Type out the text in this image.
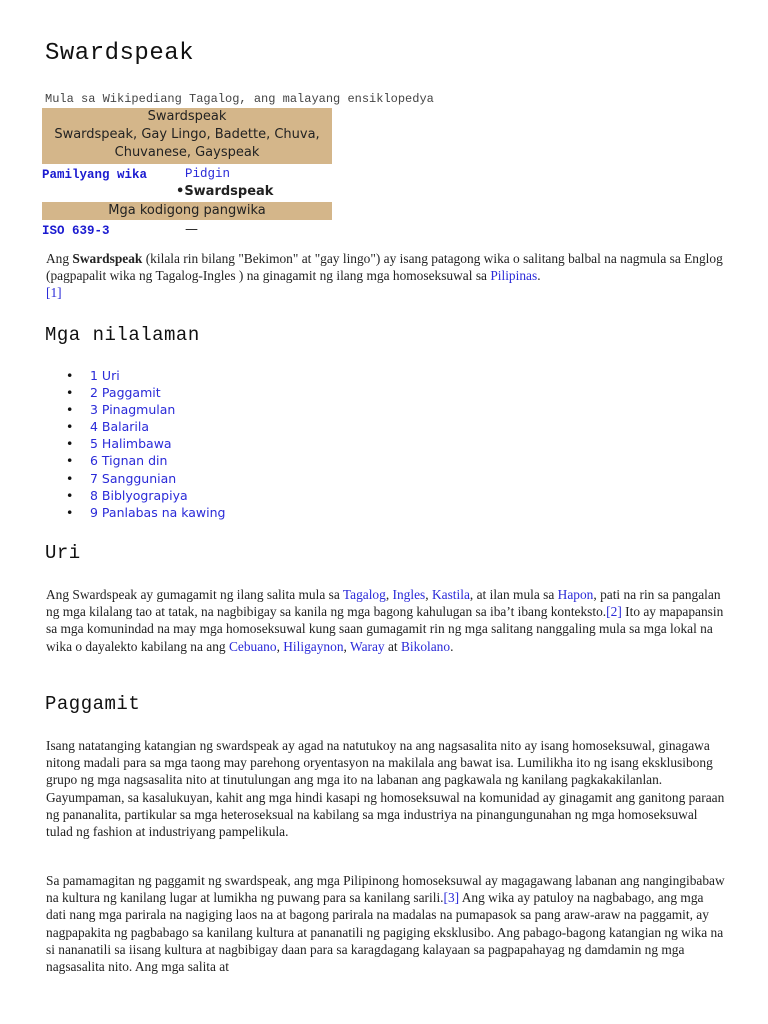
Swardspeak
Mula sa Wikipediang Tagalog, ang malayang ensiklopedya
Swardspeak
Swardspeak, Gay Lingo, Badette, Chuva, Chuvanese, Gayspeak
Pamilyang wika	Pidgin
•Swardspeak
Mga kodigong pangwika
ISO 639-3	—

Ang Swardspeak (kilala rin bilang "Bekimon" at "gay lingo") ay isang patagong wika o salitang balbal na nagmula sa Englog (pagpapalit wika ng Tagalog-Ingles ) na ginagamit ng ilang mga homoseksuwal sa Pilipinas.
[1]

Mga nilalaman
• 1 Uri
• 2 Paggamit
• 3 Pinagmulan
• 4 Balarila
• 5 Halimbawa
• 6 Tignan din
• 7 Sanggunian
• 8 Biblyograpiya
• 9 Panlabas na kawing
Uri

Ang Swardspeak ay gumagamit ng ilang salita mula sa Tagalog, Ingles, Kastila, at ilan mula sa Hapon, pati na rin sa pangalan ng mga kilalang tao at tatak, na nagbibigay sa kanila ng mga bagong kahulugan sa iba’t ibang konteksto.[2] Ito ay mapapansin sa mga komunindad na may mga homoseksuwal kung saan gumagamit rin ng mga salitang nanggaling mula sa mga lokal na wika o dayalekto kabilang na ang Cebuano, Hiligaynon, Waray at Bikolano.

Paggamit

Isang natatanging katangian ng swardspeak ay agad na natutukoy na ang nagsasalita nito ay isang homoseksuwal, ginagawa nitong madali para sa mga taong may parehong oryentasyon na makilala ang bawat isa. Lumilikha ito ng isang eksklusibong grupo ng mga nagsasalita nito at tinutulungan ang mga ito na labanan ang pagkawala ng kanilang pagkakakilanlan. Gayumpaman, sa kasalukuyan, kahit ang mga hindi kasapi ng homoseksuwal na komunidad ay ginagamit ang ganitong paraan ng pananalita, partikular sa mga heteroseksual na kabilang sa mga industriya na pinangungunahan ng mga homoseksuwal tulad ng fashion at industriyang pampelikula.

Sa pamamagitan ng paggamit ng swardspeak, ang mga Pilipinong homoseksuwal ay magagawang labanan ang nangingibabaw na kultura ng kanilang lugar at lumikha ng puwang para sa kanilang sarili.[3] Ang wika ay patuloy na nagbabago, ang mga dati nang mga parirala na nagiging laos na at bagong parirala na madalas na pumapasok sa pang araw-araw na paggamit, ay nagpapakita ng pagbabago sa kanilang kultura at pananatili ng pagiging eksklusibo. Ang pabago-bagong katangian ng wika na si nananatili sa iisang kultura at nagbibigay daan para sa karagdagang kalayaan sa pagpapahayag ng damdamin ng mga nagsasalita nito. Ang mga salita at
